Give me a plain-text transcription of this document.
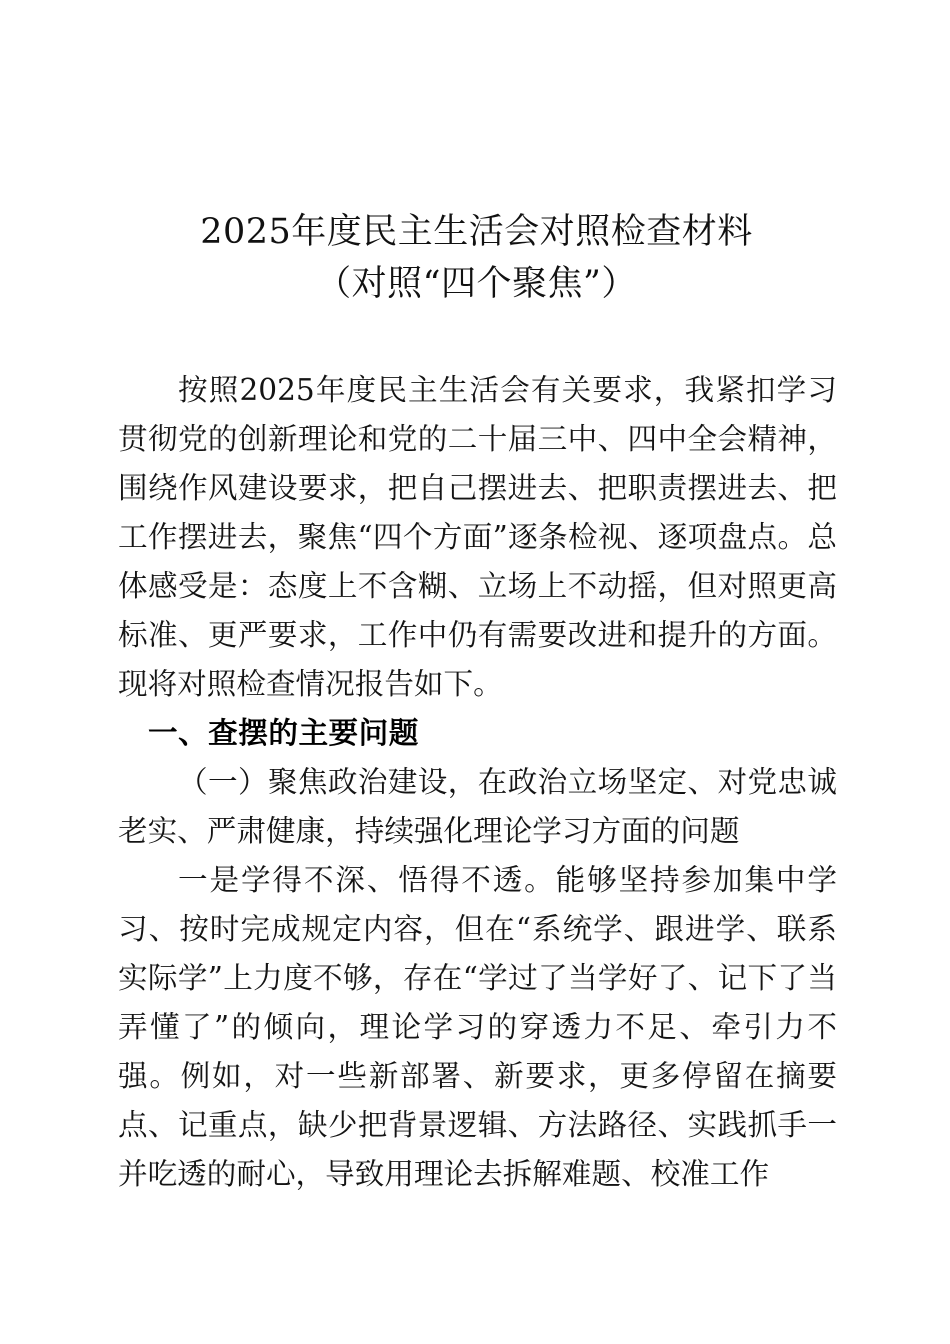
2025年度民主生活会对照检查材料
（对照“四个聚焦”）

按照2025年度民主生活会有关要求，我紧扣学习贯彻党的创新理论和党的二十届三中、四中全会精神，围绕作风建设要求，把自己摆进去、把职责摆进去、把工作摆进去，聚焦“四个方面”逐条检视、逐项盘点。总体感受是：态度上不含糊、立场上不动摇，但对照更高标准、更严要求，工作中仍有需要改进和提升的方面。现将对照检查情况报告如下。

一、查摆的主要问题

（一）聚焦政治建设，在政治立场坚定、对党忠诚老实、严肃健康，持续强化理论学习方面的问题

一是学得不深、悟得不透。能够坚持参加集中学习、按时完成规定内容，但在“系统学、跟进学、联系实际学”上力度不够，存在“学过了当学好了、记下了当弄懂了”的倾向，理论学习的穿透力不足、牵引力不强。例如，对一些新部署、新要求，更多停留在摘要点、记重点，缺少把背景逻辑、方法路径、实践抓手一并吃透的耐心，导致用理论去拆解难题、校准工作
